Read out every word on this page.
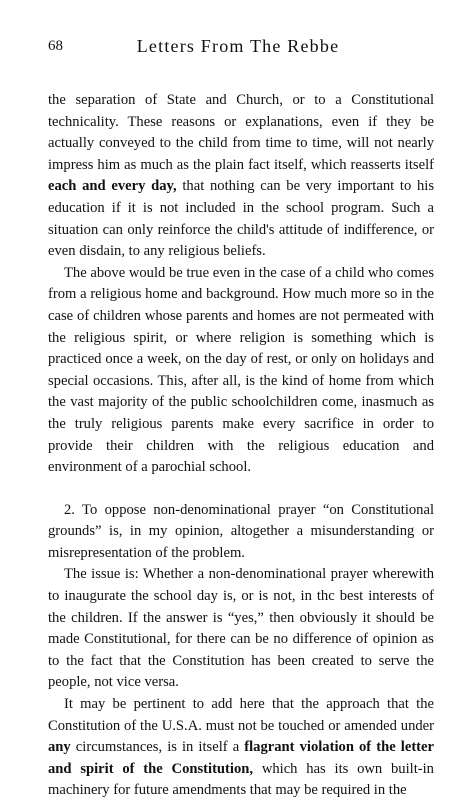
68	Letters From The Rebbe

the separation of State and Church, or to a Constitutional technicality. These reasons or explanations, even if they be actually conveyed to the child from time to time, will not nearly impress him as much as the plain fact itself, which reasserts itself each and every day, that nothing can be very important to his education if it is not included in the school program. Such a situation can only reinforce the child's attitude of indifference, or even disdain, to any religious beliefs.

The above would be true even in the case of a child who comes from a religious home and background. How much more so in the case of children whose parents and homes are not permeated with the religious spirit, or where religion is something which is practiced once a week, on the day of rest, or only on holidays and special occasions. This, after all, is the kind of home from which the vast majority of the public schoolchildren come, inasmuch as the truly religious parents make every sacrifice in order to provide their children with the religious education and environment of a parochial school.

2. To oppose non-denominational prayer “on Constitutional grounds” is, in my opinion, altogether a misunderstanding or misrepresentation of the problem.

The issue is: Whether a non-denominational prayer wherewith to inaugurate the school day is, or is not, in thc best interests of the children. If the answer is “yes,” then obviously it should be made Constitutional, for there can be no difference of opinion as to the fact that the Constitution has been created to serve the people, not vice versa.

It may be pertinent to add here that the approach that the Constitution of the U.S.A. must not be touched or amended under any circumstances, is in itself a flagrant violation of the letter and spirit of the Constitution, which has its own built-in machinery for future amendments that may be required in the
